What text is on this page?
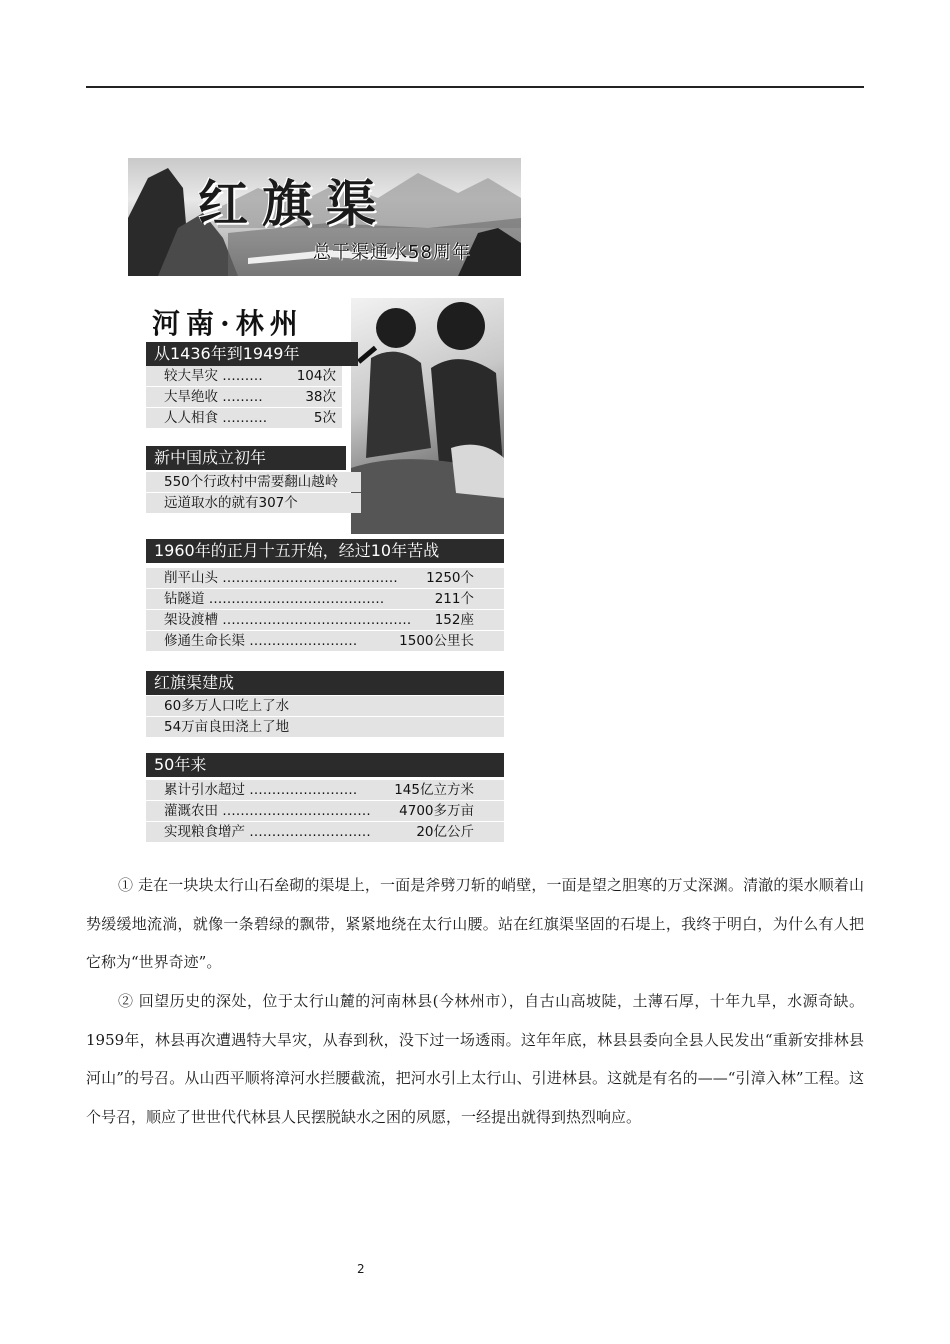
红旗渠
总干渠通水58周年
河南·林州
从1436年到1949年
较大旱灾 ………	104次
大旱绝收 ………	38次
人人相食 ……….	5次
新中国成立初年
550个行政村中需要翻山越岭
远道取水的就有307个
1960年的正月十五开始，经过10年苦战
削平山头 ………………………………… 1250个
钻隧道 …………………………………	211个
架设渡槽 …………………………………… 152座
修通生命长渠 ……………………	1500公里长
红旗渠建成
60多万人口吃上了水
54万亩良田浇上了地
50年来
累计引水超过 ……………………	145亿立方米
灌溉农田 …………………………… 4700多万亩
实现粮食增产 ………………………	20亿公斤

① 走在一块块太行山石垒砌的渠堤上，一面是斧劈刀斩的峭壁，一面是望之胆寒的万丈深渊。清澈的渠水顺着山势缓缓地流淌，就像一条碧绿的飘带，紧紧地绕在太行山腰。站在红旗渠坚固的石堤上，我终于明白，为什么有人把它称为“世界奇迹”。

② 回望历史的深处，位于太行山麓的河南林县(今林州市），自古山高坡陡，土薄石厚，十年九旱，水源奇缺。1959年，林县再次遭遇特大旱灾，从春到秋，没下过一场透雨。这年年底，林县县委向全县人民发出“重新安排林县河山”的号召。从山西平顺将漳河水拦腰截流，把河水引上太行山、引进林县。这就是有名的——“引漳入林”工程。这个号召，顺应了世世代代林县人民摆脱缺水之困的夙愿，一经提出就得到热烈响应。

2
